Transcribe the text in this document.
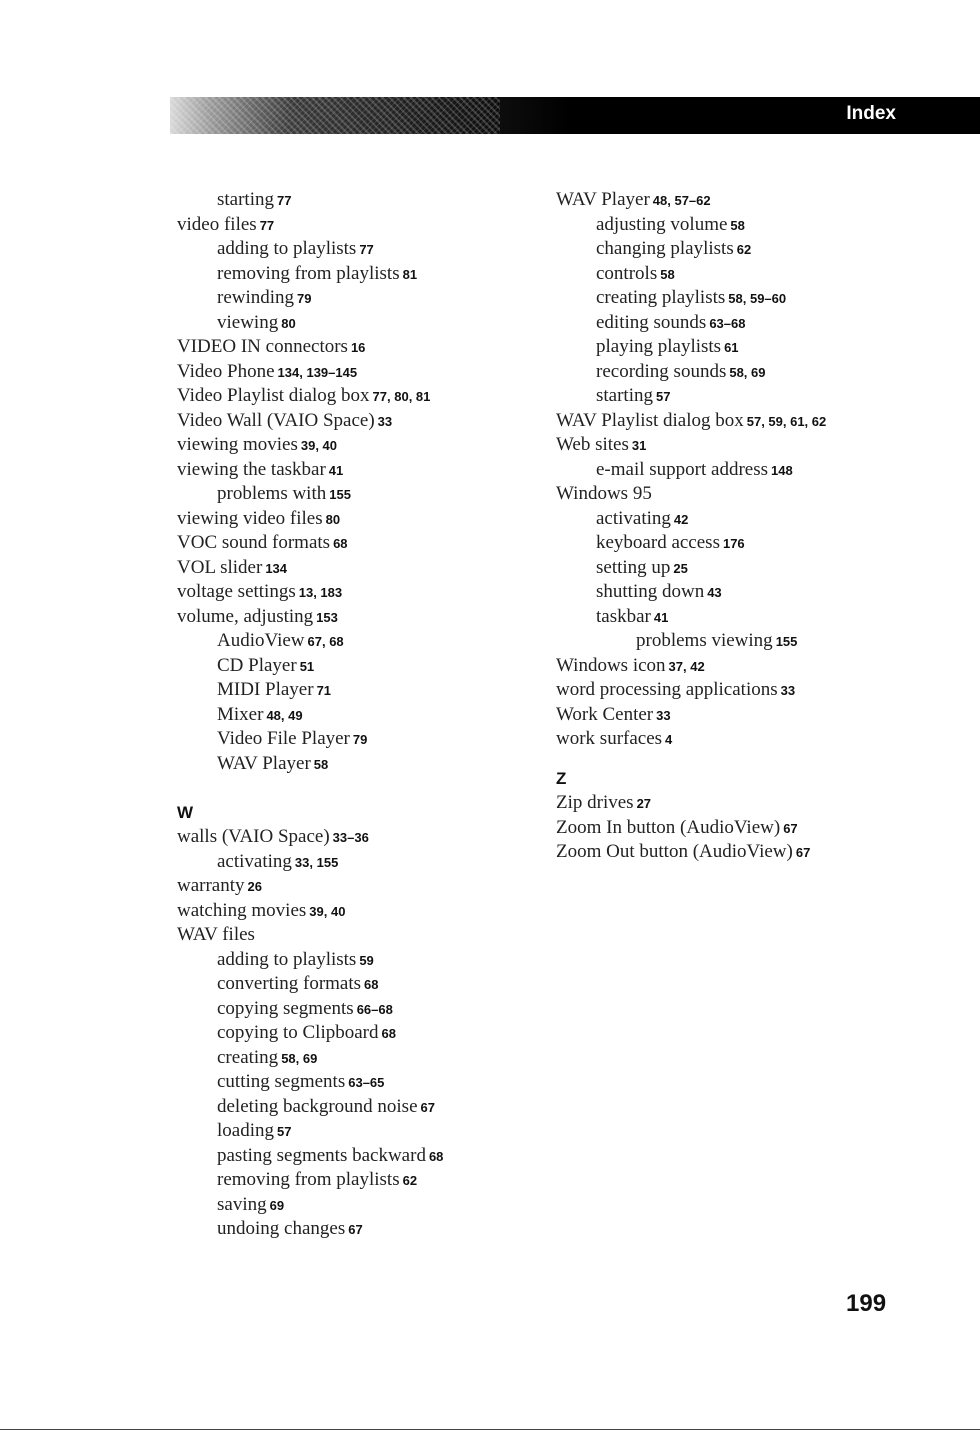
Index
starting 77
video files 77
adding to playlists 77
removing from playlists 81
rewinding 79
viewing 80
VIDEO IN connectors 16
Video Phone 134, 139–145
Video Playlist dialog box 77, 80, 81
Video Wall (VAIO Space) 33
viewing movies 39, 40
viewing the taskbar 41
problems with 155
viewing video files 80
VOC sound formats 68
VOL slider 134
voltage settings 13, 183
volume, adjusting 153
AudioView 67, 68
CD Player 51
MIDI Player 71
Mixer 48, 49
Video File Player 79
WAV Player 58
W
walls (VAIO Space) 33–36
activating 33, 155
warranty 26
watching movies 39, 40
WAV files
adding to playlists 59
converting formats 68
copying segments 66–68
copying to Clipboard 68
creating 58, 69
cutting segments 63–65
deleting background noise 67
loading 57
pasting segments backward 68
removing from playlists 62
saving 69
undoing changes 67
WAV Player 48, 57–62
adjusting volume 58
changing playlists 62
controls 58
creating playlists 58, 59–60
editing sounds 63–68
playing playlists 61
recording sounds 58, 69
starting 57
WAV Playlist dialog box 57, 59, 61, 62
Web sites 31
e-mail support address 148
Windows 95
activating 42
keyboard access 176
setting up 25
shutting down 43
taskbar 41
problems viewing 155
Windows icon 37, 42
word processing applications 33
Work Center 33
work surfaces 4
Z
Zip drives 27
Zoom In button (AudioView) 67
Zoom Out button (AudioView) 67
199
